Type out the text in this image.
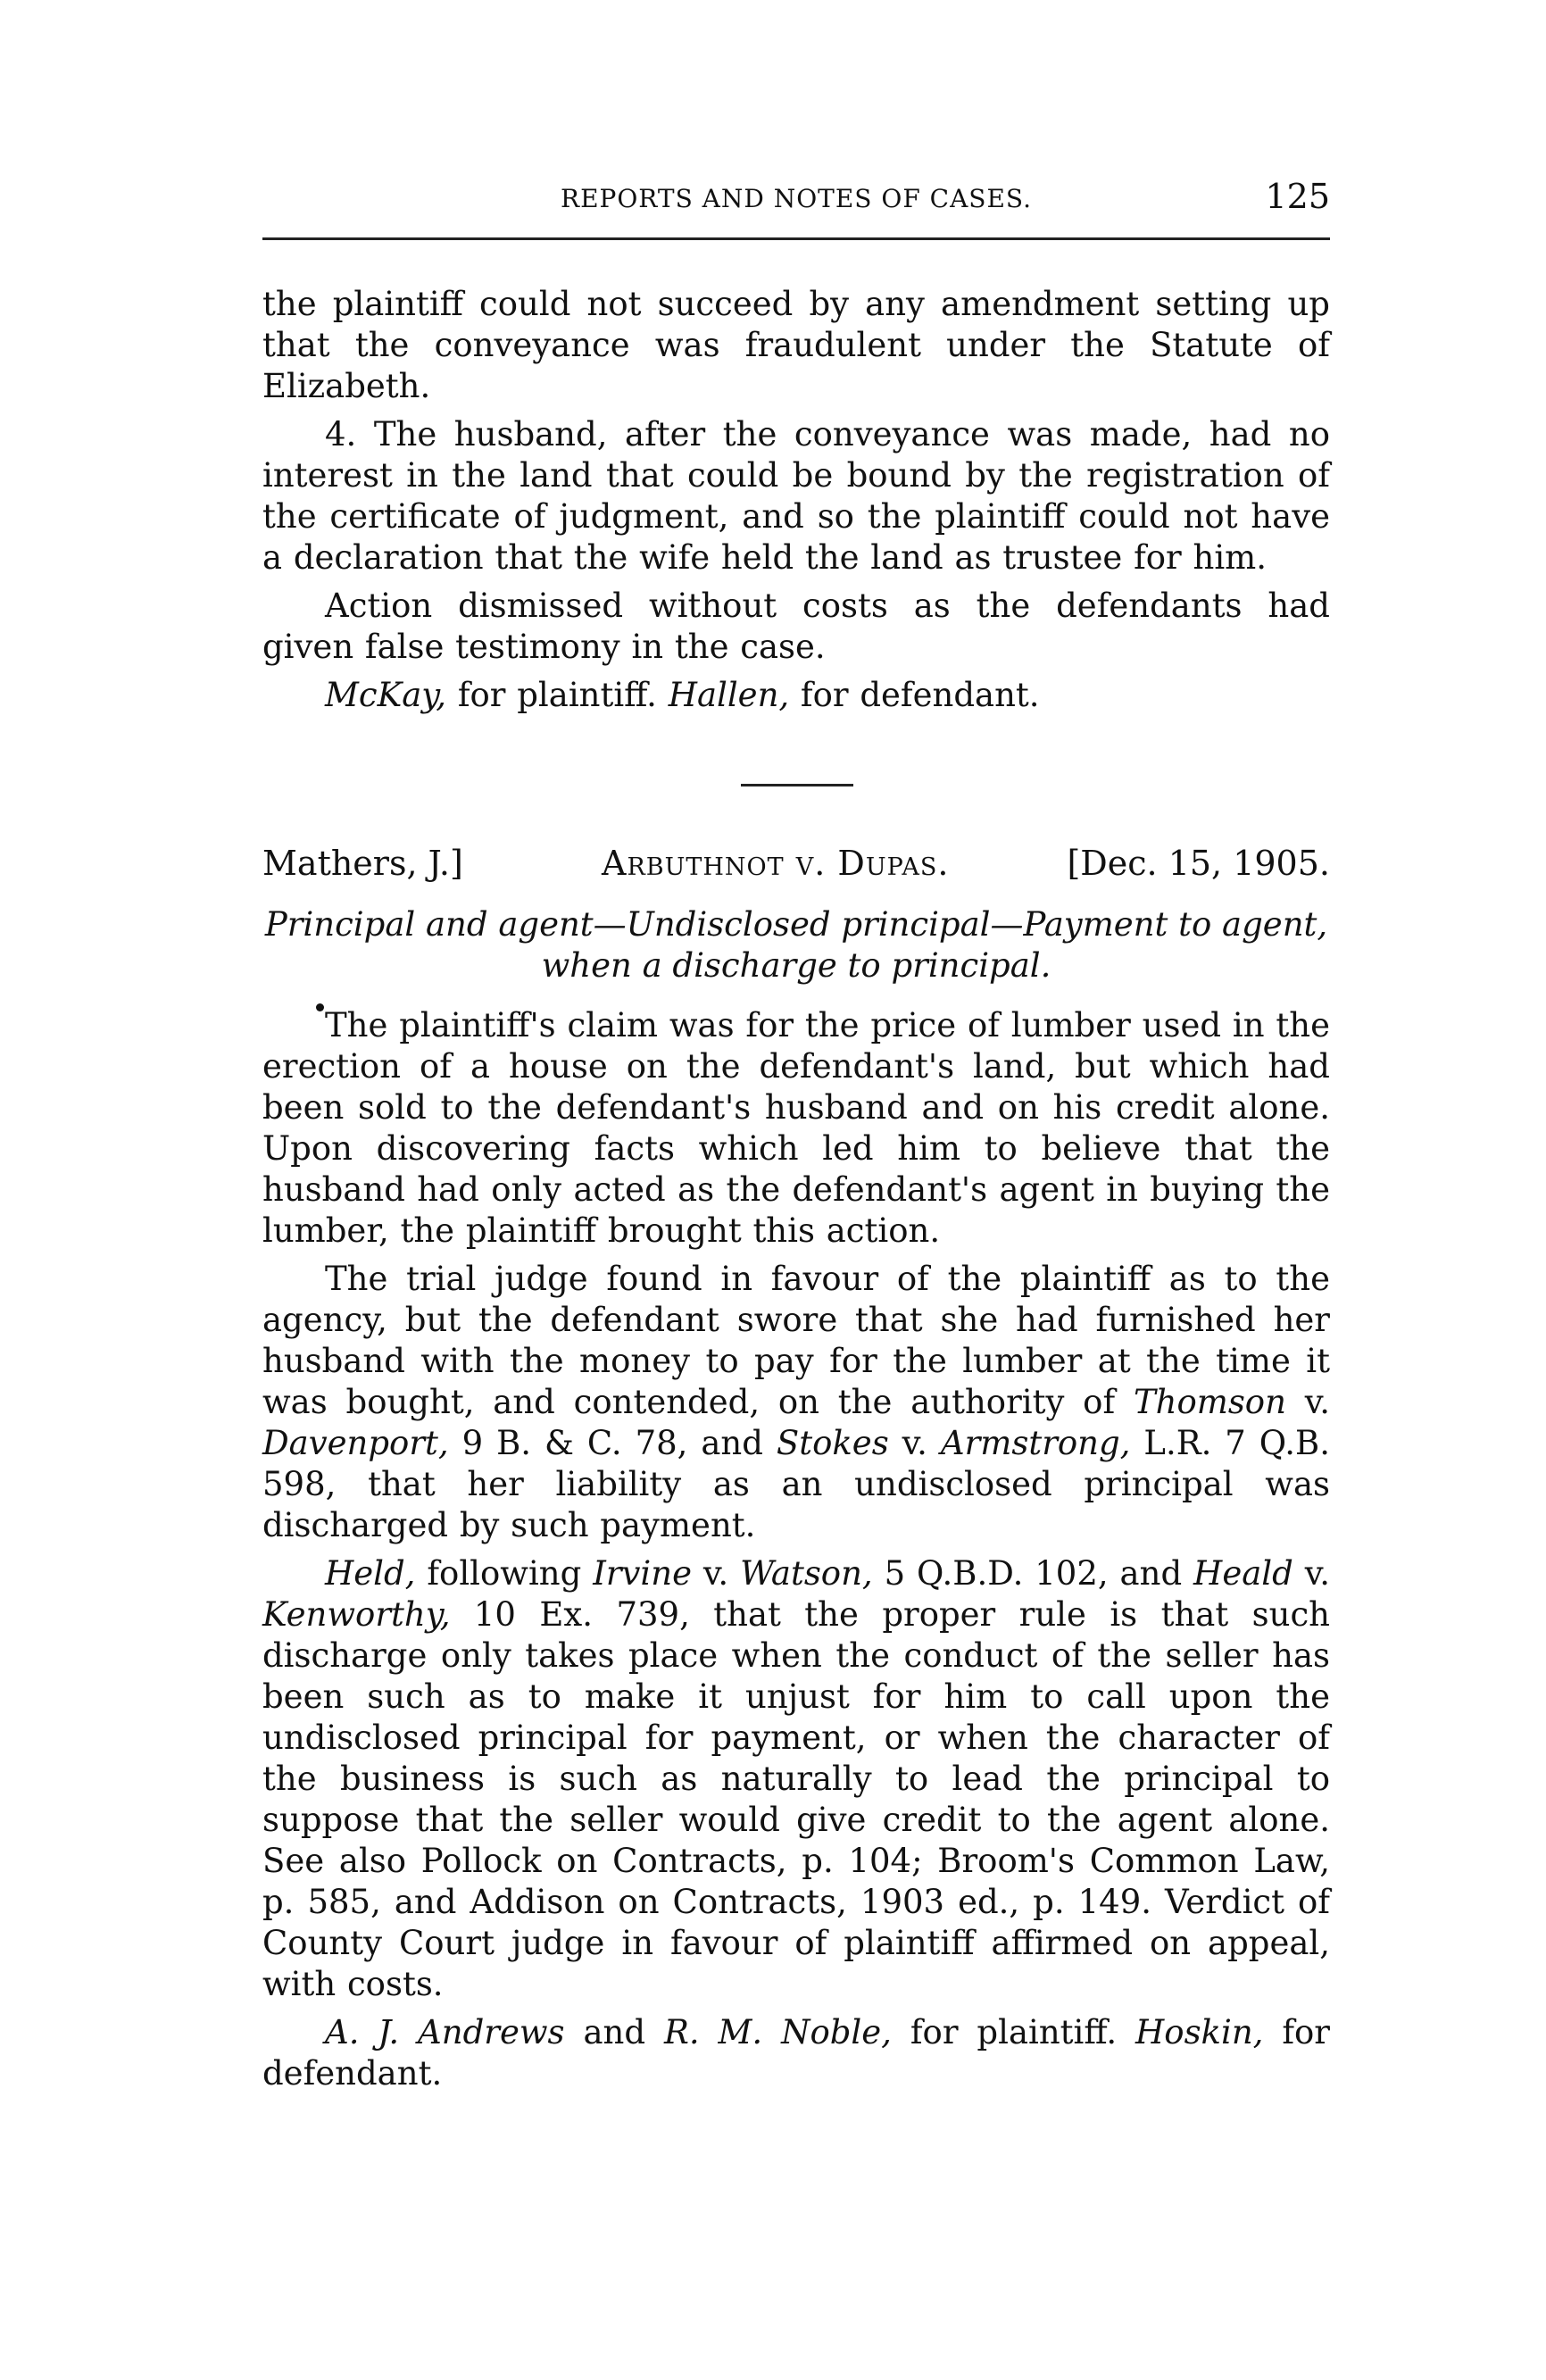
REPORTS AND NOTES OF CASES.	125

the plaintiff could not succeed by any amendment setting up that the conveyance was fraudulent under the Statute of Elizabeth.

4. The husband, after the conveyance was made, had no interest in the land that could be bound by the registration of the certificate of judgment, and so the plaintiff could not have a declaration that the wife held the land as trustee for him.

Action dismissed without costs as the defendants had given false testimony in the case.

McKay, for plaintiff. Hallen, for defendant.

Mathers, J.]	Arbuthnot v. Dupas.	[Dec. 15, 1905.
Principal and agent—Undisclosed principal—Payment to agent,
when a discharge to principal.

The plaintiff's claim was for the price of lumber used in the erection of a house on the defendant's land, but which had been sold to the defendant's husband and on his credit alone. Upon discovering facts which led him to believe that the husband had only acted as the defendant's agent in buying the lumber, the plaintiff brought this action.

The trial judge found in favour of the plaintiff as to the agency, but the defendant swore that she had furnished her husband with the money to pay for the lumber at the time it was bought, and contended, on the authority of Thomson v. Davenport, 9 B. & C. 78, and Stokes v. Armstrong, L.R. 7 Q.B. 598, that her liability as an undisclosed principal was discharged by such payment.

Held, following Irvine v. Watson, 5 Q.B.D. 102, and Heald v. Kenworthy, 10 Ex. 739, that the proper rule is that such discharge only takes place when the conduct of the seller has been such as to make it unjust for him to call upon the undisclosed principal for payment, or when the character of the business is such as naturally to lead the principal to suppose that the seller would give credit to the agent alone. See also Pollock on Contracts, p. 104; Broom's Common Law, p. 585, and Addison on Contracts, 1903 ed., p. 149. Verdict of County Court judge in favour of plaintiff affirmed on appeal, with costs.

A. J. Andrews and R. M. Noble, for plaintiff. Hoskin, for defendant.
